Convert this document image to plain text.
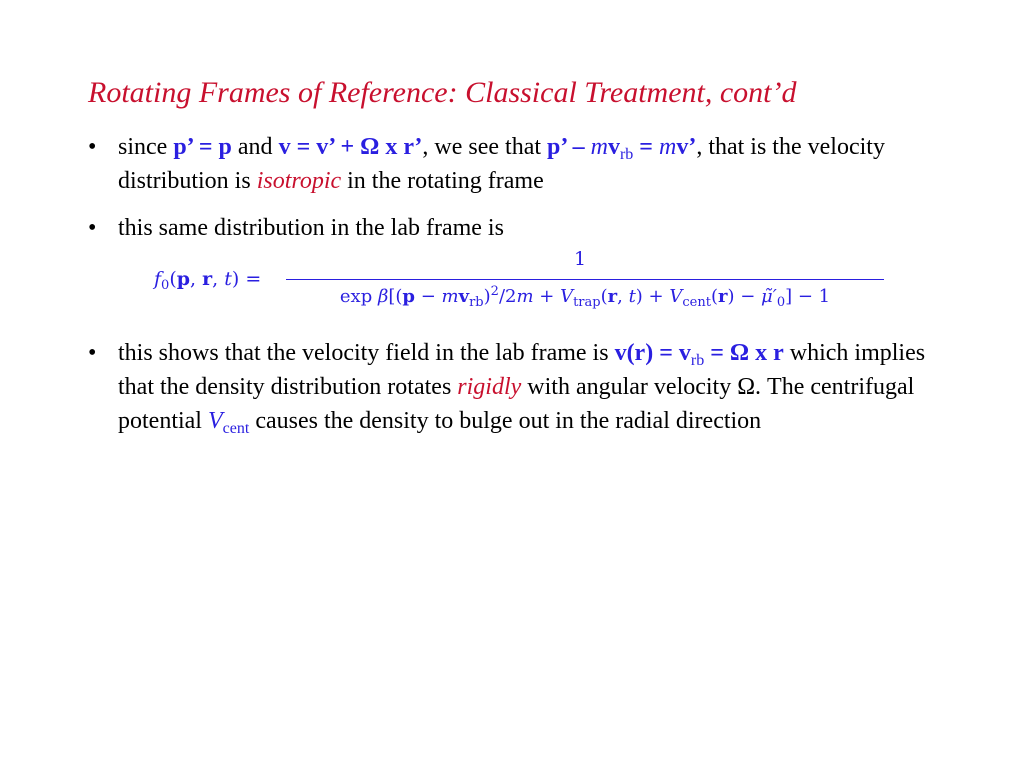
Rotating Frames of Reference: Classical Treatment, cont’d
• since p’ = p and v = v’ + Ω x r’, we see that p’ – $mv_{rb}$ = mv’, that is the velocity distribution is isotropic in the rotating frame
• this same distribution in the lab frame is
$f_0(p$, r, t) =
1
$\exp \beta[(p - mv_{rb})^2/2m + V_{trap}(r$, $t) + V_{cent}(r)$ − $\mũ'_0] - 1$
• this shows that the velocity field in the lab frame is $v(r) = v_{rb} = \Omega$ x r which implies that the density distribution rotates rigidly with angular velocity Ω. The centrifugal potential $V_{cent}$ causes the density to bulge out in the radial direction
